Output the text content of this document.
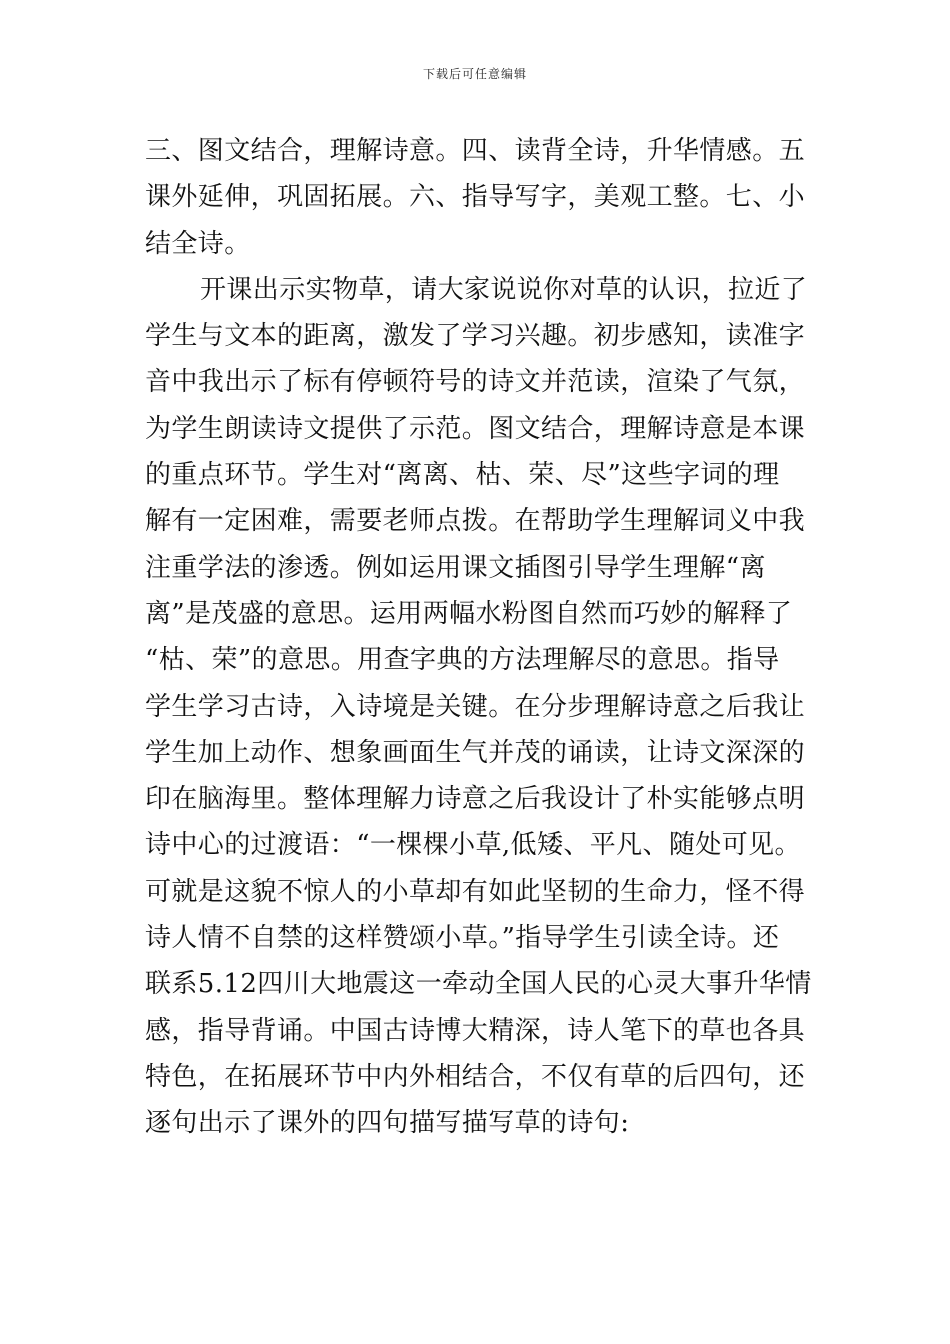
下载后可任意编辑
三、图文结合，理解诗意。四、读背全诗，升华情感。五
课外延伸，巩固拓展。六、指导写字，美观工整。七、小
结全诗。
开课出示实物草，请大家说说你对草的认识，拉近了
学生与文本的距离，激发了学习兴趣。初步感知，读准字
音中我出示了标有停顿符号的诗文并范读，渲染了气氛，
为学生朗读诗文提供了示范。图文结合，理解诗意是本课
的重点环节。学生对“离离、枯、荣、尽”这些字词的理
解有一定困难，需要老师点拨。在帮助学生理解词义中我
注重学法的渗透。例如运用课文插图引导学生理解“离
离”是茂盛的意思。运用两幅水粉图自然而巧妙的解释了
“枯、荣”的意思。用查字典的方法理解尽的意思。指导
学生学习古诗，入诗境是关键。在分步理解诗意之后我让
学生加上动作、想象画面生气并茂的诵读，让诗文深深的
印在脑海里。整体理解力诗意之后我设计了朴实能够点明
诗中心的过渡语：“一棵棵小草,低矮、平凡、随处可见。
可就是这貌不惊人的小草却有如此坚韧的生命力，怪不得
诗人情不自禁的这样赞颂小草。”指导学生引读全诗。还
联系5.12四川大地震这一牵动全国人民的心灵大事升华情
感，指导背诵。中国古诗博大精深，诗人笔下的草也各具
特色，在拓展环节中内外相结合，不仅有草的后四句，还
逐句出示了课外的四句描写描写草的诗句:
